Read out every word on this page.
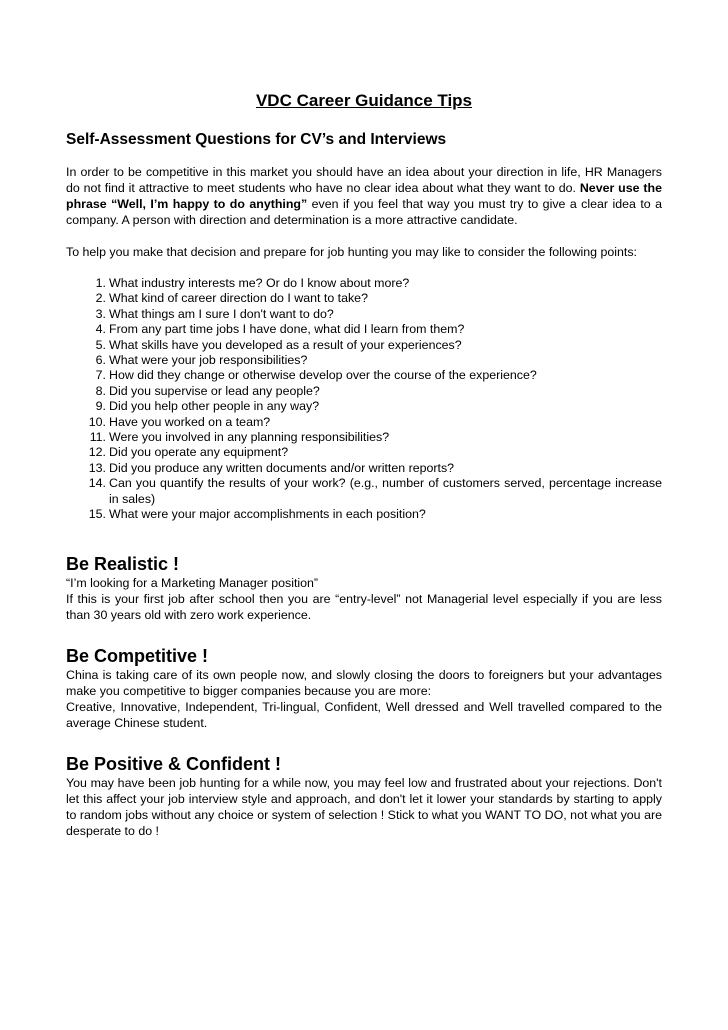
VDC Career Guidance Tips
Self-Assessment Questions for CV’s and Interviews

In order to be competitive in this market you should have an idea about your direction in life, HR Managers do not find it attractive to meet students who have no clear idea about what they want to do. Never use the phrase “Well, I’m happy to do anything” even if you feel that way you must try to give a clear idea to a company. A person with direction and determination is a more attractive candidate.

To help you make that decision and prepare for job hunting you may like to consider the following points:

1. What industry interests me? Or do I know about more?
2. What kind of career direction do I want to take?
3. What things am I sure I don't want to do?
4. From any part time jobs I have done, what did I learn from them?
5. What skills have you developed as a result of your experiences?
6. What were your job responsibilities?
7. How did they change or otherwise develop over the course of the experience?
8. Did you supervise or lead any people?
9. Did you help other people in any way?
10. Have you worked on a team?
11. Were you involved in any planning responsibilities?
12. Did you operate any equipment?
13. Did you produce any written documents and/or written reports?
14. Can you quantify the results of your work? (e.g., number of customers served, percentage increase in sales)
15. What were your major accomplishments in each position?
Be Realistic !
“I’m looking for a Marketing Manager position”
If this is your first job after school then you are “entry-level” not Managerial level especially if you are less than 30 years old with zero work experience.
Be Competitive !
China is taking care of its own people now, and slowly closing the doors to foreigners but your advantages make you competitive to bigger companies because you are more:
Creative, Innovative, Independent, Tri-lingual, Confident, Well dressed and Well travelled compared to the average Chinese student.
Be Positive & Confident !
You may have been job hunting for a while now, you may feel low and frustrated about your rejections. Don't let this affect your job interview style and approach, and don't let it lower your standards by starting to apply to random jobs without any choice or system of selection ! Stick to what you WANT TO DO, not what you are desperate to do !
